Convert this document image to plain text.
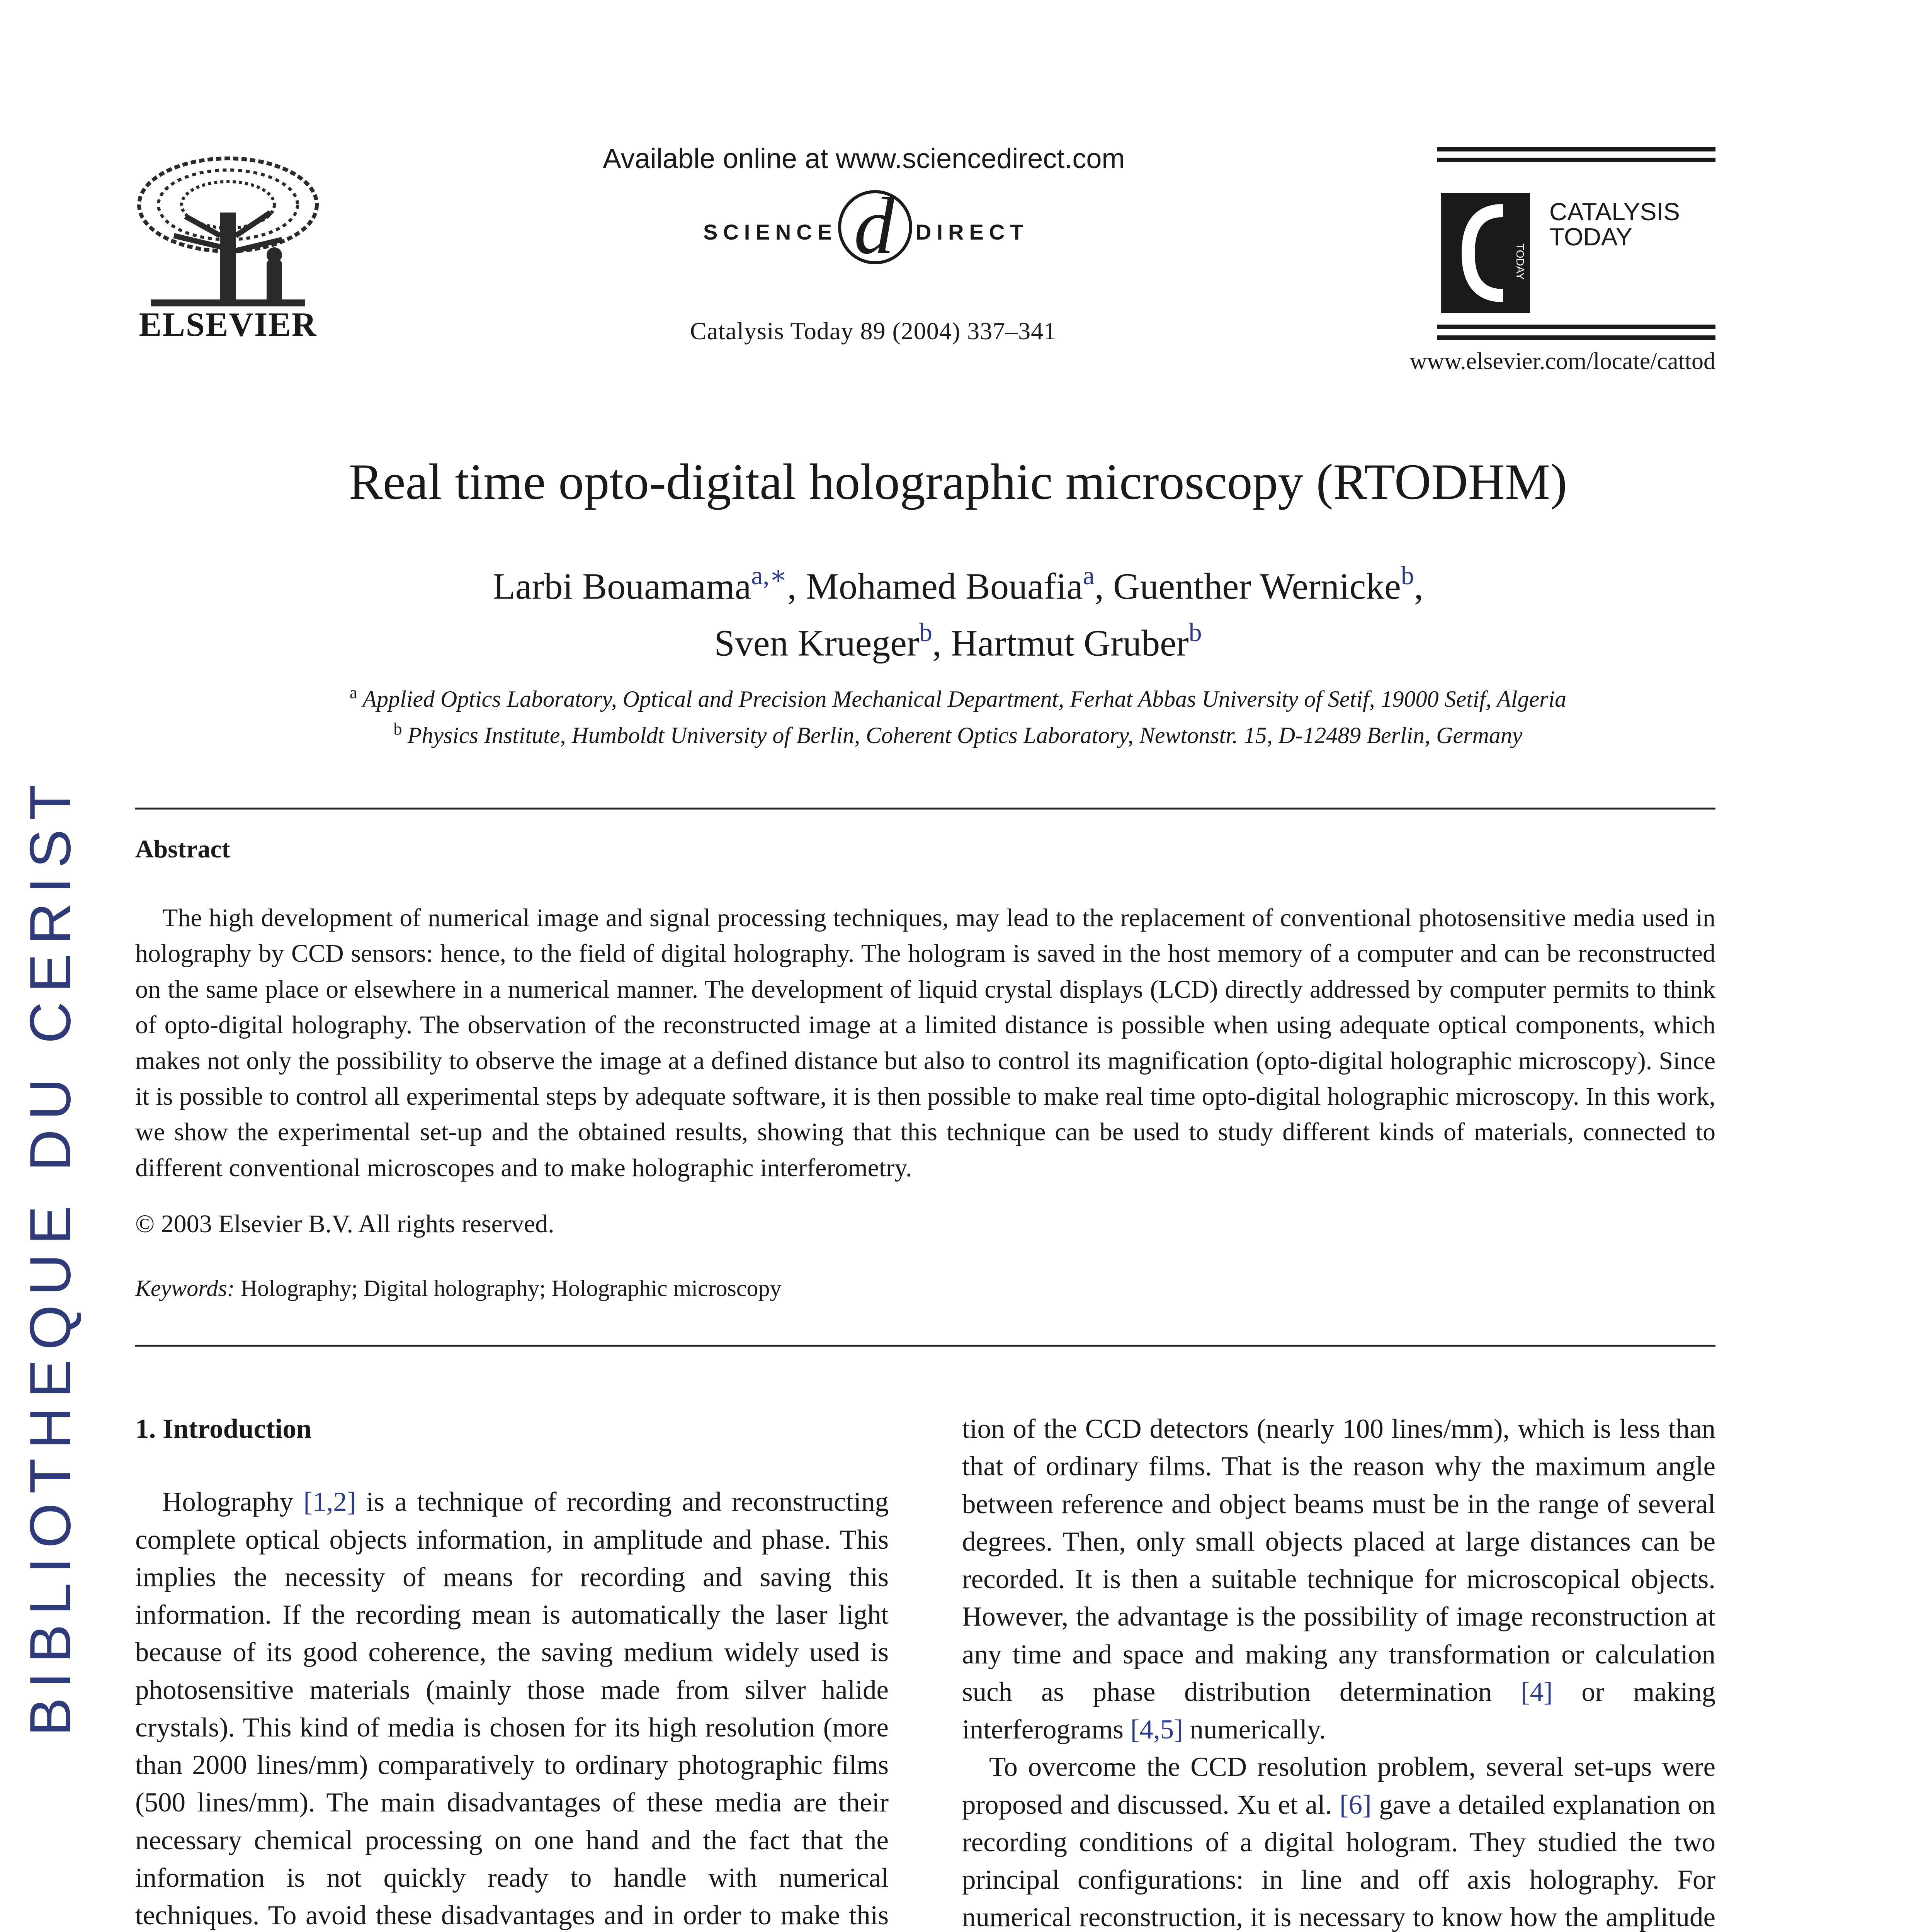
ELSEVIER
Available online at www.sciencedirect.com
SCIENCE d DIRECT
Catalysis Today 89 (2004) 337–341
TODAY
CATALYSIS
TODAY
www.elsevier.com/locate/cattod
Real time opto-digital holographic microscopy (RTODHM)
Larbi Bouamama$^{a,∗}$, Mohamed Bouafia$^a$, Guenther Wernicke$^b$,
Sven Krueger$^b$, Hartmut Gruber$^b$
$^a$ Applied Optics Laboratory, Optical and Precision Mechanical Department, Ferhat Abbas University of Setif, 19000 Setif, Algeria
$^b$ Physics Institute, Humboldt University of Berlin, Coherent Optics Laboratory, Newtonstr. 15, D-12489 Berlin, Germany
Abstract
The high development of numerical image and signal processing techniques, may lead to the replacement of conventional photosensitive media used in holography by CCD sensors: hence, to the field of digital holography. The hologram is saved in the host memory of a computer and can be reconstructed on the same place or elsewhere in a numerical manner. The development of liquid crystal displays (LCD) directly addressed by computer permits to think of opto-digital holography. The observation of the reconstructed image at a limited distance is possible when using adequate optical components, which makes not only the possibility to observe the image at a defined distance but also to control its magnification (opto-digital holographic microscopy). Since it is possible to control all experimental steps by adequate software, it is then possible to make real time opto-digital holographic microscopy. In this work, we show the experimental set-up and the obtained results, showing that this technique can be used to study different kinds of materials, connected to different conventional microscopes and to make holographic interferometry.
© 2003 Elsevier B.V. All rights reserved.
Keywords: Holography; Digital holography; Holographic microscopy
BIBLIOTHEQUE DU CERIST 1. Introduction

Holography [1,2] is a technique of recording and reconstructing complete optical objects information, in amplitude and phase. This implies the necessity of means for recording and saving this information. If the recording mean is automatically the laser light because of its good coherence, the saving medium widely used is photosensitive materials (mainly those made from silver halide crystals). This kind of media is chosen for its high resolution (more than 2000 lines/mm) comparatively to ordinary photographic films (500 lines/mm). The main disadvantages of these media are their necessary chemical processing on one hand and the fact that the information is not quickly ready to handle with numerical techniques. To avoid these disadvantages and in order to make this

tion of the CCD detectors (nearly 100 lines/mm), which is less than that of ordinary films. That is the reason why the maximum angle between reference and object beams must be in the range of several degrees. Then, only small objects placed at large distances can be recorded. It is then a suitable technique for microscopical objects. However, the advantage is the possibility of image reconstruction at any time and space and making any transformation or calculation such as phase distribution determination [4] or making interferograms [4,5] numerically.

To overcome the CCD resolution problem, several set-ups were proposed and discussed. Xu et al. [6] gave a detailed explanation on recording conditions of a digital hologram. They studied the two principal configurations: in line and off axis holography. For numerical reconstruction, it is necessary to know how the amplitude
